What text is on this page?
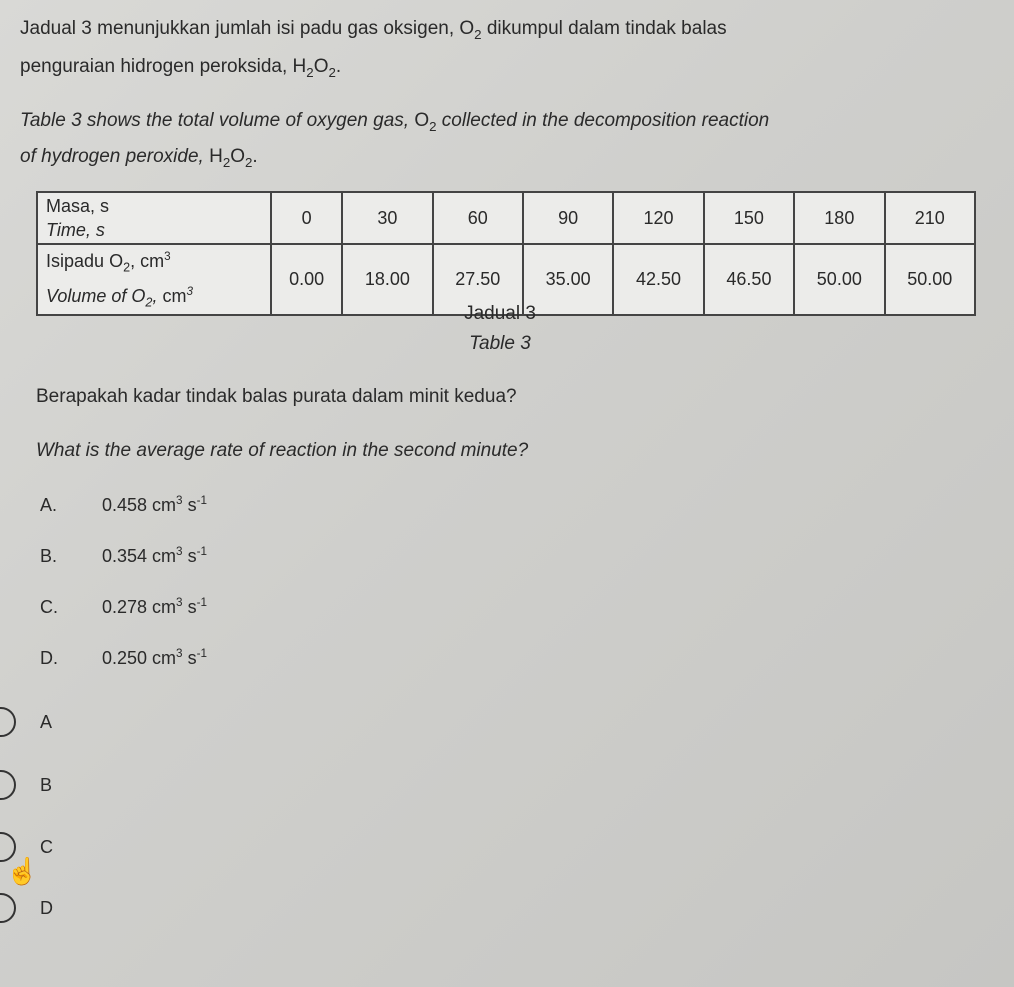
Jadual 3 menunjukkan jumlah isi padu gas oksigen, $O_2$ dikumpul dalam tindak balas

penguraian hidrogen peroksida, $H_2O_2$.

Table 3 shows the total volume of oxygen gas, $O_2$ collected in the decomposition reaction

of hydrogen peroxide, $H_2O_2$.

Masa, s
Time, s	0	30	60	90	120	150	180	210

Isipadu $O_2$, $cm^3$
Volume of $O_2$, $cm^3$	0.00	18.00	27.50	35.00	42.50	46.50	50.00	50.00
Jadual 3
Table 3

Berapakah kadar tindak balas purata dalam minit kedua?

What is the average rate of reaction in the second minute?

A. 0.458 $cm^3$ $s^{-1}$
B. 0.354 $cm^3$ $s^{-1}$
C. 0.278 $cm^3$ $s^{-1}$
D. 0.250 $cm^3$ $s^{-1}$
A
B
C
D
☝
